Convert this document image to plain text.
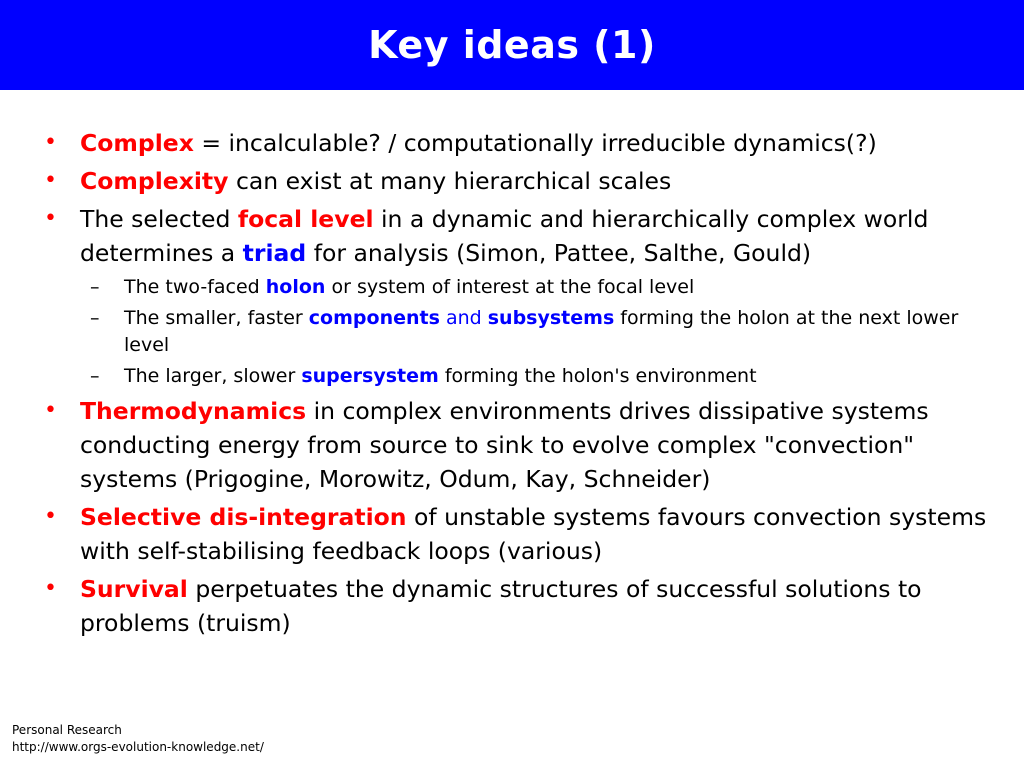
Key ideas (1)
• Complex = incalculable? / computationally irreducible dynamics(?)
• Complexity can exist at many hierarchical scales
• The selected focal level in a dynamic and hierarchically complex world determines a triad for analysis (Simon, Pattee, Salthe, Gould)
– The two-faced holon or system of interest at the focal level
– The smaller, faster components and subsystems forming the holon at the next lower level
– The larger, slower supersystem forming the holon's environment
• Thermodynamics in complex environments drives dissipative systems conducting energy from source to sink to evolve complex "convection" systems (Prigogine, Morowitz, Odum, Kay, Schneider)
• Selective dis-integration of unstable systems favours convection systems with self-stabilising feedback loops (various)
• Survival perpetuates the dynamic structures of successful solutions to problems (truism)
Personal Research
http://www.orgs-evolution-knowledge.net/
